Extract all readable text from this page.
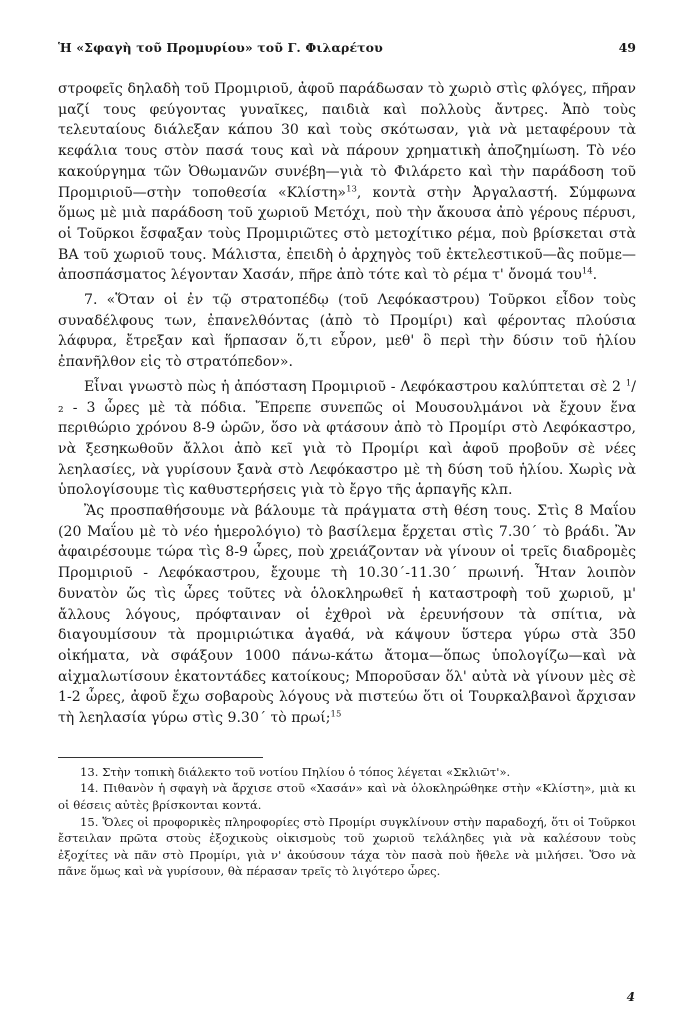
Ἡ «Σφαγὴ τοῦ Προμυρίου» τοῦ Γ. Φιλαρέτου	49

στροφεῖς δηλαδὴ τοῦ Προμιριοῦ, ἀφοῦ παράδωσαν τὸ χωριὸ στὶς φλόγες, πῆραν μαζί τους φεύγοντας γυναῖκες, παιδιὰ καὶ πολλοὺς ἄντρες. Ἀπὸ τοὺς τελευταίους διάλεξαν κάπου 30 καὶ τοὺς σκότωσαν, γιὰ νὰ μεταφέρουν τὰ κεφάλια τους στὸν πασά τους καὶ νὰ πάρουν χρηματικὴ ἀποζημίωση. Τὸ νέο κακούργημα τῶν Ὀθωμανῶν συνέβη—γιὰ τὸ Φιλάρετο καὶ τὴν παράδοση τοῦ Προμιριοῦ—στὴν τοποθεσία «Κλίστη»$^{13}$, κοντὰ στὴν Ἀργαλαστή. Σύμφωνα ὅμως μὲ μιὰ παράδοση τοῦ χωριοῦ Μετόχι, ποὺ τὴν ἄκουσα ἀπὸ γέρους πέρυσι, οἱ Τοῦρκοι ἔσφαξαν τοὺς Προμιριῶτες στὸ μετοχίτικο ρέμα, ποὺ βρίσκεται στὰ ΒΑ τοῦ χωριοῦ τους. Μάλιστα, ἐπειδὴ ὁ ἀρχηγὸς τοῦ ἐκτελεστικοῦ—ἂς ποῦμε—ἀποσπάσματος λέγονταν Χασάν, πῆρε ἀπὸ τότε καὶ τὸ ρέμα τ' ὄνομά του$^{14}$.

7. «Ὅταν οἱ ἐν τῷ στρατοπέδῳ (τοῦ Λεφόκαστρου) Τοῦρκοι εἶδον τοὺς συναδέλφους των, ἐπανελθόντας (ἀπὸ τὸ Προμίρι) καὶ φέροντας πλούσια λάφυρα, ἔτρεξαν καὶ ἥρπασαν ὅ,τι εὗρον, μεθ' ὃ περὶ τὴν δύσιν τοῦ ἡλίου ἐπανῆλθον εἰς τὸ στρατόπεδον».

Εἶναι γνωστὸ πὼς ἡ ἀπόσταση Προμιριοῦ - Λεφόκαστρου καλύπτεται σὲ 2 $^1$/₂ - 3 ὧρες μὲ τὰ πόδια. Ἔπρεπε συνεπῶς οἱ Μουσουλμάνοι νὰ ἔχουν ἕνα περιθώριο χρόνου 8-9 ὡρῶν, ὅσο νὰ φτάσουν ἀπὸ τὸ Προμίρι στὸ Λεφόκαστρο, νὰ ξεσηκωθοῦν ἄλλοι ἀπὸ κεῖ γιὰ τὸ Προμίρι καὶ ἀφοῦ προβοῦν σὲ νέες λεηλασίες, νὰ γυρίσουν ξανὰ στὸ Λεφόκαστρο μὲ τὴ δύση τοῦ ἡλίου. Χωρὶς νὰ ὑπολογίσουμε τὶς καθυστερήσεις γιὰ τὸ ἔργο τῆς ἁρπαγῆς κλπ.

Ἂς προσπαθήσουμε νὰ βάλουμε τὰ πράγματα στὴ θέση τους. Στὶς 8 Μαΐου (20 Μαΐου μὲ τὸ νέο ἡμερολόγιο) τὸ βασίλεμα ἔρχεται στὶς 7.30΄ τὸ βράδι. Ἂν ἀφαιρέσουμε τώρα τὶς 8-9 ὧρες, ποὺ χρειάζονταν νὰ γίνουν οἱ τρεῖς διαδρομὲς Προμιριοῦ - Λεφόκαστρου, ἔχουμε τὴ 10.30΄-11.30΄ πρωινή. Ἦταν λοιπὸν δυνατὸν ὥς τὶς ὧρες τοῦτες νὰ ὁλοκληρωθεῖ ἡ καταστροφὴ τοῦ χωριοῦ, μ' ἄλλους λόγους, πρόφταιναν οἱ ἐχθροὶ νὰ ἐρευνήσουν τὰ σπίτια, νὰ διαγουμίσουν τὰ προμιριώτικα ἀγαθά, νὰ κάψουν ὕστερα γύρω στὰ 350 οἰκήματα, νὰ σφάξουν 1000 πάνω-κάτω ἄτομα—ὅπως ὑπολογίζω—καὶ νὰ αἰχμαλωτίσουν ἑκατοντάδες κατοίκους; Μποροῦσαν ὅλ' αὐτὰ νὰ γίνουν μὲς σὲ 1-2 ὧρες, ἀφοῦ ἔχω σοβαροὺς λόγους νὰ πιστεύω ὅτι οἱ Τουρκαλβανοὶ ἄρχισαν τὴ λεηλασία γύρω στὶς 9.30΄ τὸ πρωί;$^{15}$

13. Στὴν τοπικὴ διάλεκτο τοῦ νοτίου Πηλίου ὁ τόπος λέγεται «Σκλιῶτ'».

14. Πιθανὸν ἡ σφαγὴ νὰ ἄρχισε στοῦ «Χασάν» καὶ νὰ ὁλοκληρώθηκε στὴν «Κλίστη», μιὰ κι οἱ θέσεις αὐτὲς βρίσκονται κοντά.

15. Ὅλες οἱ προφορικὲς πληροφορίες στὸ Προμίρι συγκλίνουν στὴν παραδοχή, ὅτι οἱ Τοῦρκοι ἔστειλαν πρῶτα στοὺς ἐξοχικοὺς οἰκισμοὺς τοῦ χωριοῦ τελάληδες γιὰ νὰ καλέσουν τοὺς ἐξοχίτες νὰ πᾶν στὸ Προμίρι, γιὰ ν' ἀκούσουν τάχα τὸν πασὰ ποὺ ἤθελε νὰ μιλήσει. Ὅσο νὰ πᾶνε ὅμως καὶ νὰ γυρίσουν, θὰ πέρασαν τρεῖς τὸ λιγότερο ὧρες.

4
